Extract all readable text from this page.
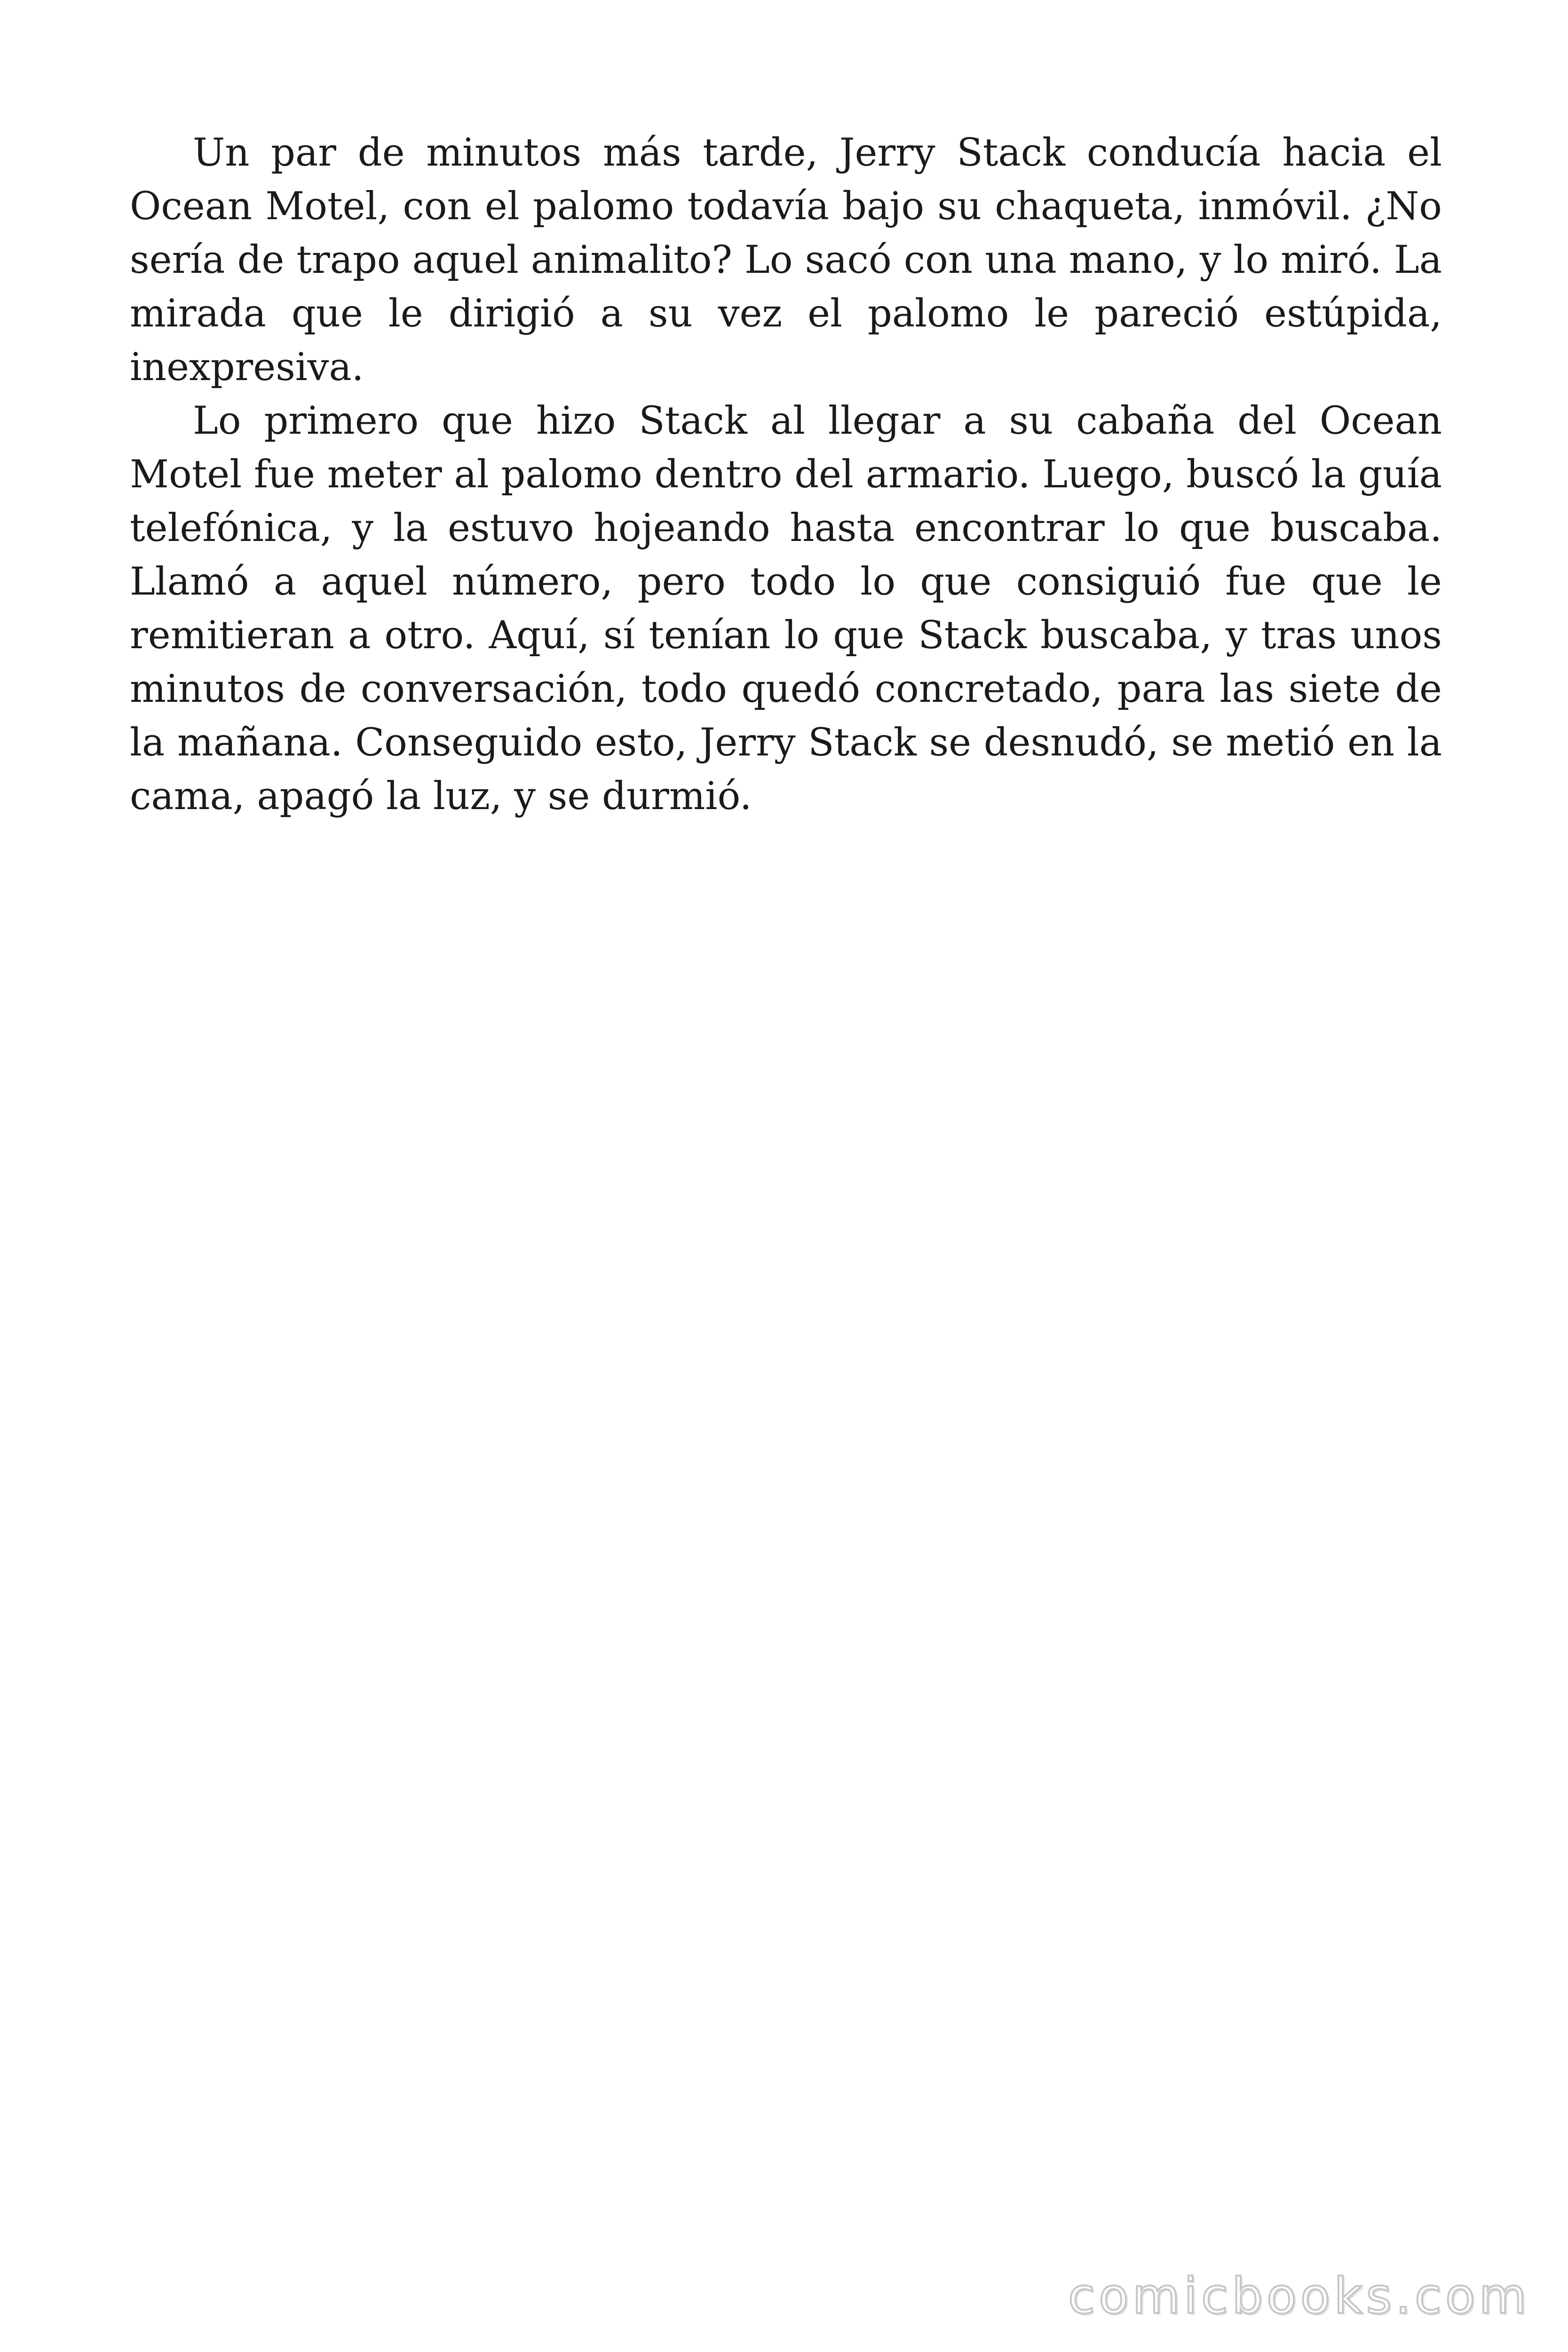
Un par de minutos más tarde, Jerry Stack conducía hacia el Ocean Motel, con el palomo todavía bajo su chaqueta, inmóvil. ¿No sería de trapo aquel animalito? Lo sacó con una mano, y lo miró. La mirada que le dirigió a su vez el palomo le pareció estúpida, inexpresiva.

Lo primero que hizo Stack al llegar a su cabaña del Ocean Motel fue meter al palomo dentro del armario. Luego, buscó la guía telefónica, y la estuvo hojeando hasta encontrar lo que buscaba. Llamó a aquel número, pero todo lo que consiguió fue que le remitieran a otro. Aquí, sí tenían lo que Stack buscaba, y tras unos minutos de conversación, todo quedó concretado, para las siete de la mañana. Conseguido esto, Jerry Stack se desnudó, se metió en la cama, apagó la luz, y se durmió.

comicbooks.com
